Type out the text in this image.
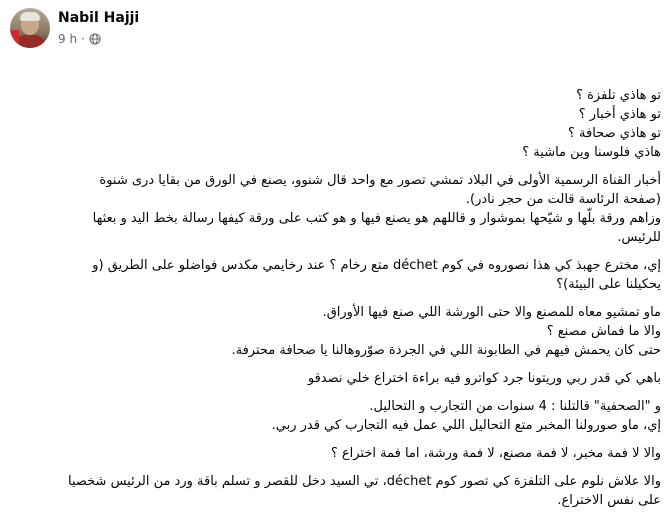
Nabil Hajji
9 h ·

تو هاذي تلفزة ؟
تو هاذي أخبار ؟
تو هاذي صحافة ؟
هاذي فلوسنا وين ماشية ؟

أخبار القناة الرسمية الأولى في البلاد تمشي تصور مع واحد قال شنوو، يصنع في الورق من بقايا درى شنوة
(صفحة الرئاسة قالت من حجر نادر).
وزاهم ورقة بلّها و شيّحها بموشوار و قاللهم هو يصنع فيها و هو كتب على ورقة كيفها رسالة بخط اليد و بعثها
للرئيس.

إي، مخترع جهبذ كي هذا نصوروه في كوم déchet متع رخام ؟ عند رخايمي مكدس فواضلو على الطريق (و
يحكيلنا على البيئة)؟

ماو تمشيو معاه للمصنع والا حتى الورشة اللي صنع فيها الأوراق.
والا ما فماش مصنع ؟
حتى كان يحمش فيهم في الطابونة اللي في الجردة صوّروهالنا يا صحافة محترفة.

باهي كي قدر ربي وريتونا جرد كواترو فيه براءة اختراع خلي نصدقو

و "الصحفية" قالتلنا : 4 سنوات من التجارب و التحاليل.
إي، ماو صورولنا المخبر متع التحاليل اللي عمل فيه التجارب كي قدر ربي.

والا لا فمة مخبر، لا فمة مصنع، لا فمة ورشة، اما فمة اختراع ؟

والا علاش نلوم على التلفزة كي تصور كوم déchet، تي السيد دخل للقصر و تسلم باقة ورد من الرئيس شخصيا
على نفس الاختراع.
